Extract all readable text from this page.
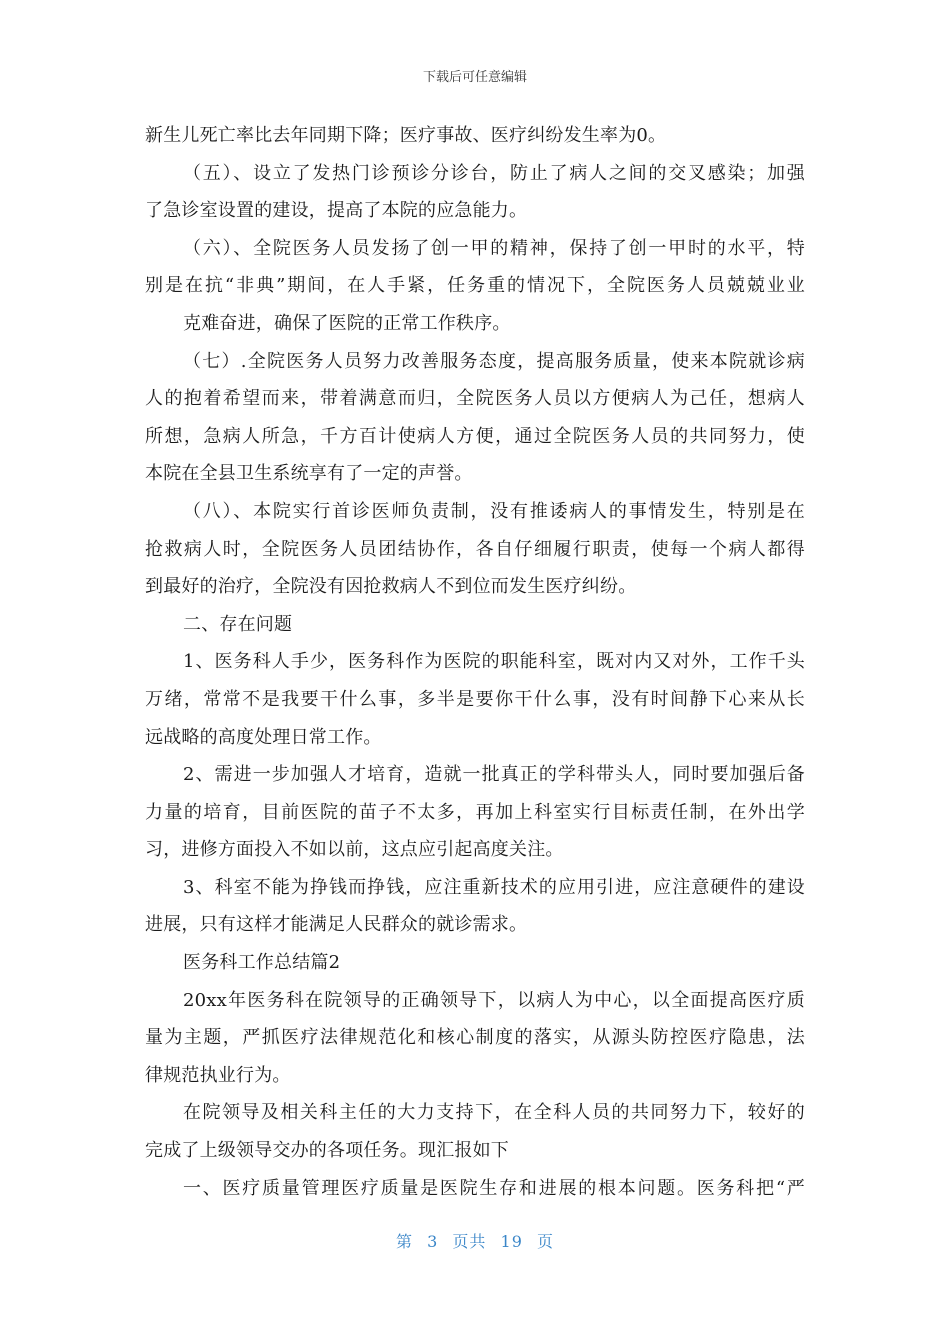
下载后可任意编辑
新生儿死亡率比去年同期下降；医疗事故、医疗纠纷发生率为0。
（五）、设立了发热门诊预诊分诊台，防止了病人之间的交叉感染；加强
了急诊室设置的建设，提高了本院的应急能力。
（六）、全院医务人员发扬了创一甲的精神，保持了创一甲时的水平，特
别是在抗“非典”期间，在人手紧，任务重的情况下，全院医务人员兢兢业业
克难奋进，确保了医院的正常工作秩序。
（七）.全院医务人员努力改善服务态度，提高服务质量，使来本院就诊病
人的抱着希望而来，带着满意而归，全院医务人员以方便病人为己任，想病人
所想，急病人所急，千方百计使病人方便，通过全院医务人员的共同努力，使
本院在全县卫生系统享有了一定的声誉。
（八）、本院实行首诊医师负责制，没有推诿病人的事情发生，特别是在
抢救病人时，全院医务人员团结协作，各自仔细履行职责，使每一个病人都得
到最好的治疗，全院没有因抢救病人不到位而发生医疗纠纷。
二、存在问题
1、医务科人手少，医务科作为医院的职能科室，既对内又对外，工作千头
万绪，常常不是我要干什么事，多半是要你干什么事，没有时间静下心来从长
远战略的高度处理日常工作。
2、需进一步加强人才培育，造就一批真正的学科带头人，同时要加强后备
力量的培育，目前医院的苗子不太多，再加上科室实行目标责任制，在外出学
习，进修方面投入不如以前，这点应引起高度关注。
3、科室不能为挣钱而挣钱，应注重新技术的应用引进，应注意硬件的建设
进展，只有这样才能满足人民群众的就诊需求。
医务科工作总结篇2
20xx年医务科在院领导的正确领导下，以病人为中心，以全面提高医疗质
量为主题，严抓医疗法律规范化和核心制度的落实，从源头防控医疗隐患，法
律规范执业行为。
在院领导及相关科主任的大力支持下，在全科人员的共同努力下，较好的
完成了上级领导交办的各项任务。现汇报如下
一、医疗质量管理医疗质量是医院生存和进展的根本问题。医务科把“严
第 3 页共 19 页
